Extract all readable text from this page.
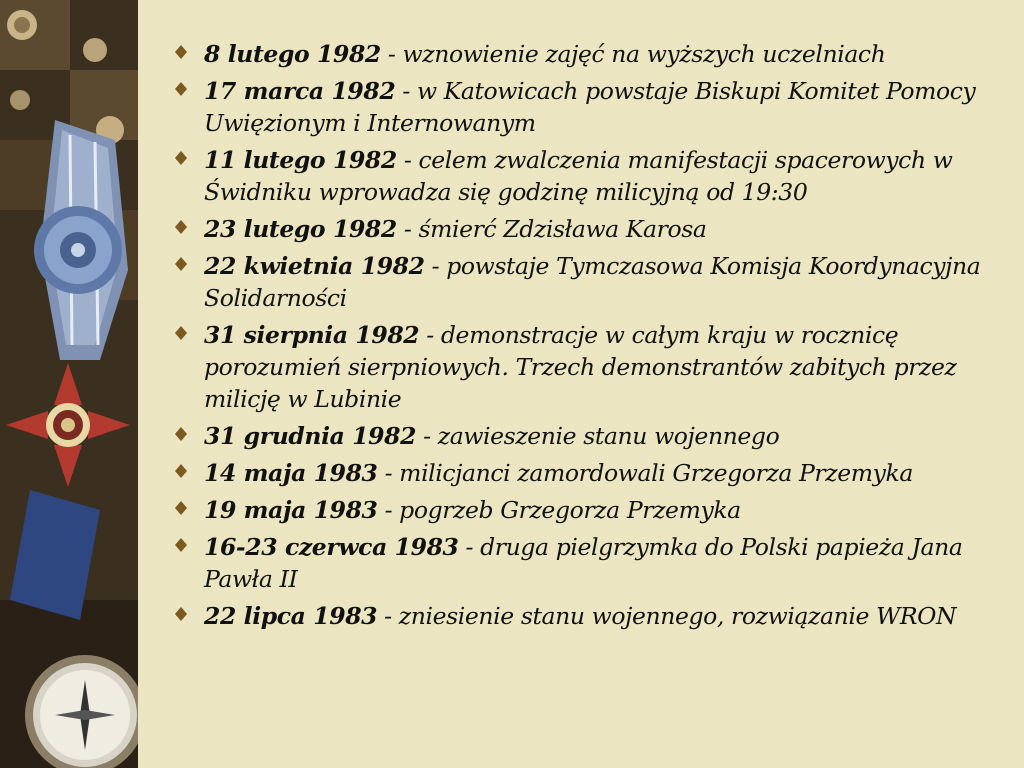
8 lutego 1982 - wznowienie zajęć na wyższych uczelniach
17 marca 1982 - w Katowicach powstaje Biskupi Komitet Pomocy Uwięzionym i Internowanym
11 lutego 1982 - celem zwalczenia manifestacji spacerowych w Świdniku wprowadza się godzinę milicyjną od 19:30
23 lutego 1982 - śmierć Zdzisława Karosa
22 kwietnia 1982 - powstaje Tymczasowa Komisja Koordynacyjna Solidarności
31 sierpnia 1982 - demonstracje w całym kraju w rocznicę porozumień sierpniowych. Trzech demonstrantów zabitych przez milicję w Lubinie
31 grudnia 1982 - zawieszenie stanu wojennego
14 maja 1983 - milicjanci zamordowali Grzegorza Przemyka
19 maja 1983 - pogrzeb Grzegorza Przemyka
16-23 czerwca 1983 - druga pielgrzymka do Polski papieża Jana Pawła II
22 lipca 1983 - zniesienie stanu wojennego, rozwiązanie WRON
